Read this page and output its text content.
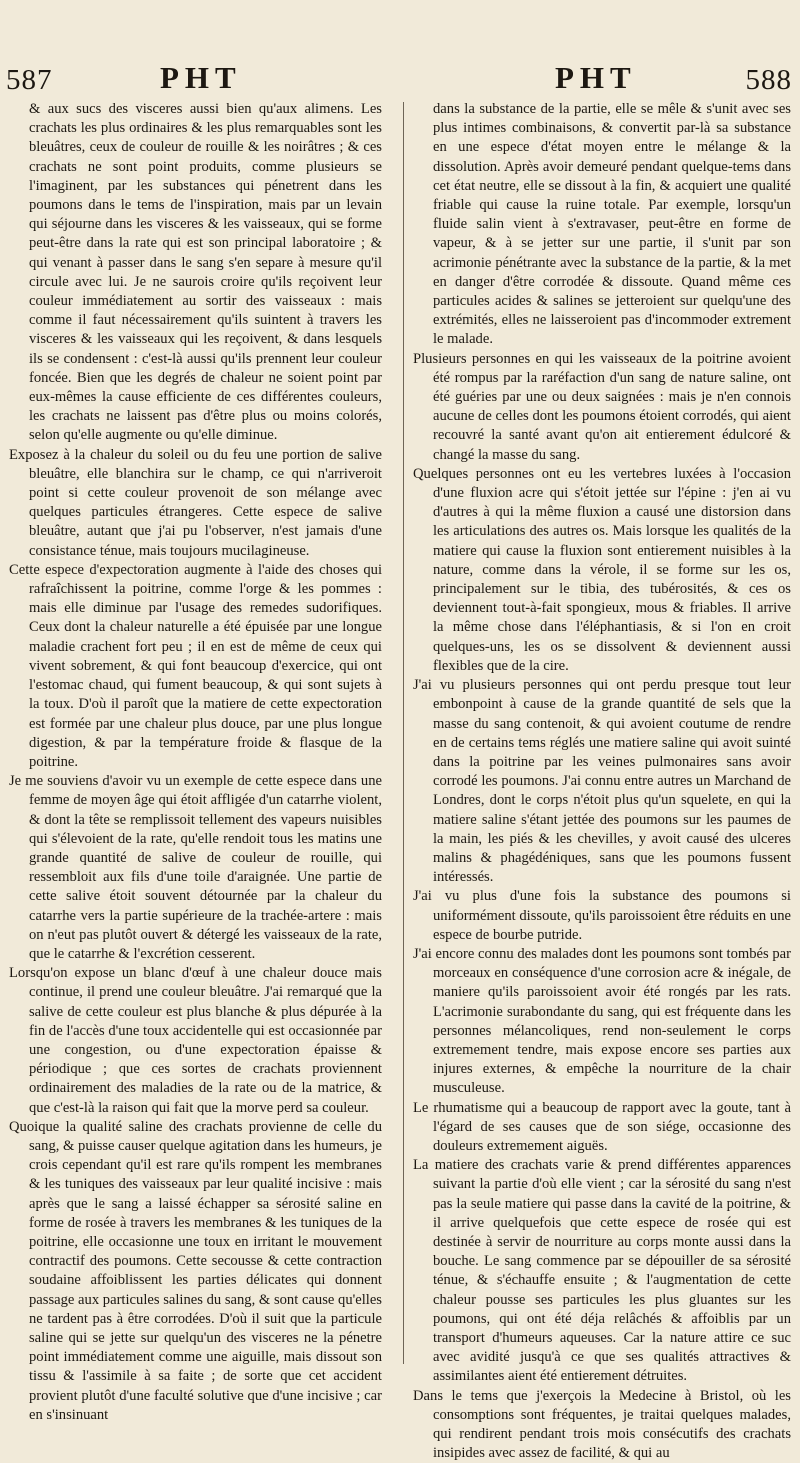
587	PHT	PHT	588

& aux sucs des visceres aussi bien qu'aux alimens. Les crachats les plus ordinaires & les plus remarquables sont les bleuâtres, ceux de couleur de rouille & les noirâtres ; & ces crachats ne sont point produits, comme plusieurs se l'imaginent, par les substances qui pénetrent dans les poumons dans le tems de l'inspiration, mais par un levain qui séjourne dans les visceres & les vaisseaux, qui se forme peut-être dans la rate qui est son principal laboratoire ; & qui venant à passer dans le sang s'en separe à mesure qu'il circule avec lui. Je ne saurois croire qu'ils reçoivent leur couleur immédiatement au sortir des vaisseaux : mais comme il faut nécessairement qu'ils suintent à travers les visceres & les vaisseaux qui les reçoivent, & dans lesquels ils se condensent : c'est-là aussi qu'ils prennent leur couleur foncée. Bien que les degrés de chaleur ne soient point par eux-mêmes la cause efficiente de ces différentes couleurs, les crachats ne laissent pas d'être plus ou moins colorés, selon qu'elle augmente ou qu'elle diminue.

Exposez à la chaleur du soleil ou du feu une portion de salive bleuâtre, elle blanchira sur le champ, ce qui n'arriveroit point si cette couleur provenoit de son mélange avec quelques particules étrangeres. Cette espece de salive bleuâtre, autant que j'ai pu l'observer, n'est jamais d'une consistance ténue, mais toujours mucilagineuse.

Cette espece d'expectoration augmente à l'aide des choses qui rafraîchissent la poitrine, comme l'orge & les pommes : mais elle diminue par l'usage des remedes sudorifiques. Ceux dont la chaleur naturelle a été épuisée par une longue maladie crachent fort peu ; il en est de même de ceux qui vivent sobrement, & qui font beaucoup d'exercice, qui ont l'estomac chaud, qui fument beaucoup, & qui sont sujets à la toux. D'où il paroît que la matiere de cette expectoration est formée par une chaleur plus douce, par une plus longue digestion, & par la température froide & flasque de la poitrine.

Je me souviens d'avoir vu un exemple de cette espece dans une femme de moyen âge qui étoit affligée d'un catarrhe violent, & dont la tête se remplissoit tellement des vapeurs nuisibles qui s'élevoient de la rate, qu'elle rendoit tous les matins une grande quantité de salive de couleur de rouille, qui ressembloit aux fils d'une toile d'araignée. Une partie de cette salive étoit souvent détournée par la chaleur du catarrhe vers la partie supérieure de la trachée-artere : mais on n'eut pas plutôt ouvert & détergé les vaisseaux de la rate, que le catarrhe & l'excrétion cesserent.

Lorsqu'on expose un blanc d'œuf à une chaleur douce mais continue, il prend une couleur bleuâtre. J'ai remarqué que la salive de cette couleur est plus blanche & plus dépurée à la fin de l'accès d'une toux accidentelle qui est occasionnée par une congestion, ou d'une expectoration épaisse & périodique ; que ces sortes de crachats proviennent ordinairement des maladies de la rate ou de la matrice, & que c'est-là la raison qui fait que la morve perd sa couleur.

Quoique la qualité saline des crachats provienne de celle du sang, & puisse causer quelque agitation dans les humeurs, je crois cependant qu'il est rare qu'ils rompent les membranes & les tuniques des vaisseaux par leur qualité incisive : mais après que le sang a laissé échapper sa sérosité saline en forme de rosée à travers les membranes & les tuniques de la poitrine, elle occasionne une toux en irritant le mouvement contractif des poumons. Cette secousse & cette contraction soudaine affoiblissent les parties délicates qui donnent passage aux particules salines du sang, & sont cause qu'elles ne tardent pas à être corrodées. D'où il suit que la particule saline qui se jette sur quelqu'un des visceres ne la pénetre point immédiatement comme une aiguille, mais dissout son tissu & l'assimile à sa faite ; de sorte que cet accident provient plutôt d'une faculté solutive que d'une incisive ; car en s'insinuant

dans la substance de la partie, elle se mêle & s'unit avec ses plus intimes combinaisons, & convertit par-là sa substance en une espece d'état moyen entre le mélange & la dissolution. Après avoir demeuré pendant quelque-tems dans cet état neutre, elle se dissout à la fin, & acquiert une qualité friable qui cause la ruine totale. Par exemple, lorsqu'un fluide salin vient à s'extravaser, peut-être en forme de vapeur, & à se jetter sur une partie, il s'unit par son acrimonie pénétrante avec la substance de la partie, & la met en danger d'être corrodée & dissoute. Quand même ces particules acides & salines se jetteroient sur quelqu'une des extrémités, elles ne laisseroient pas d'incommoder extrement le malade.

Plusieurs personnes en qui les vaisseaux de la poitrine avoient été rompus par la raréfaction d'un sang de nature saline, ont été guéries par une ou deux saignées : mais je n'en connois aucune de celles dont les poumons étoient corrodés, qui aient recouvré la santé avant qu'on ait entierement édulcoré & changé la masse du sang.

Quelques personnes ont eu les vertebres luxées à l'occasion d'une fluxion acre qui s'étoit jettée sur l'épine : j'en ai vu d'autres à qui la même fluxion a causé une distorsion dans les articulations des autres os. Mais lorsque les qualités de la matiere qui cause la fluxion sont entierement nuisibles à la nature, comme dans la vérole, il se forme sur les os, principalement sur le tibia, des tubérosités, & ces os deviennent tout-à-fait spongieux, mous & friables. Il arrive la même chose dans l'éléphantiasis, & si l'on en croit quelques-uns, les os se dissolvent & deviennent aussi flexibles que de la cire.

J'ai vu plusieurs personnes qui ont perdu presque tout leur embonpoint à cause de la grande quantité de sels que la masse du sang contenoit, & qui avoient coutume de rendre en de certains tems réglés une matiere saline qui avoit suinté dans la poitrine par les veines pulmonaires sans avoir corrodé les poumons. J'ai connu entre autres un Marchand de Londres, dont le corps n'étoit plus qu'un squelete, en qui la matiere saline s'étant jettée des poumons sur les paumes de la main, les piés & les chevilles, y avoit causé des ulceres malins & phagédéniques, sans que les poumons fussent intéressés.

J'ai vu plus d'une fois la substance des poumons si uniformément dissoute, qu'ils paroissoient être réduits en une espece de bourbe putride.

J'ai encore connu des malades dont les poumons sont tombés par morceaux en conséquence d'une corrosion acre & inégale, de maniere qu'ils paroissoient avoir été rongés par les rats. L'acrimonie surabondante du sang, qui est fréquente dans les personnes mélancoliques, rend non-seulement le corps extremement tendre, mais expose encore ses parties aux injures externes, & empêche la nourriture de la chair musculeuse.

Le rhumatisme qui a beaucoup de rapport avec la goute, tant à l'égard de ses causes que de son siége, occasionne des douleurs extremement aiguës.

La matiere des crachats varie & prend différentes apparences suivant la partie d'où elle vient ; car la sérosité du sang n'est pas la seule matiere qui passe dans la cavité de la poitrine, & il arrive quelquefois que cette espece de rosée qui est destinée à servir de nourriture au corps monte aussi dans la bouche. Le sang commence par se dépouiller de sa sérosité ténue, & s'échauffe ensuite ; & l'augmentation de cette chaleur pousse ses particules les plus gluantes sur les poumons, qui ont été déja relâchés & affoiblis par un transport d'humeurs aqueuses. Car la nature attire ce suc avec avidité jusqu'à ce que ses qualités attractives & assimilantes aient été entierement détruites.

Dans le tems que j'exerçois la Medecine à Bristol, où les consomptions sont fréquentes, je traitai quelques malades, qui rendirent pendant trois mois consécutifs des crachats insipides avec assez de facilité, & qui au
